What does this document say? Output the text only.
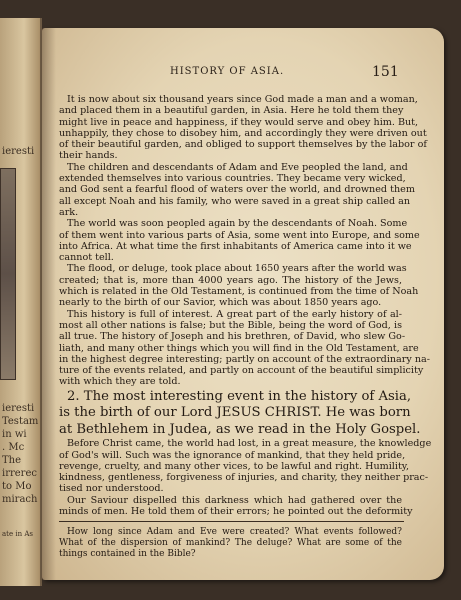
ieresti
ieresti
Testam
in wi
. Mc
The
irrerec
to Mo
mirach
ate in As
HISTORY OF ASIA.	151

It is now about six thousand years since God made a man and a woman,
and placed them in a beautiful garden, in Asia. Here he told them they
might live in peace and happiness, if they would serve and obey him. But,
unhappily, they chose to disobey him, and accordingly they were driven out
of their beautiful garden, and obliged to support themselves by the labor of
their hands.

The children and descendants of Adam and Eve peopled the land, and
extended themselves into various countries. They became very wicked,
and God sent a fearful flood of waters over the world, and drowned them
all except Noah and his family, who were saved in a great ship called an
ark.

The world was soon peopled again by the descendants of Noah. Some
of them went into various parts of Asia, some went into Europe, and some
into Africa. At what time the first inhabitants of America came into it we
cannot tell.

The flood, or deluge, took place about 1650 years after the world was
created; that is, more than 4000 years ago. The history of the Jews,
which is related in the Old Testament, is continued from the time of Noah
nearly to the birth of our Savior, which was about 1850 years ago.

This history is full of interest. A great part of the early history of al-
most all other nations is false; but the Bible, being the word of God, is
all true. The history of Joseph and his brethren, of David, who slew Go-
liath, and many other things which you will find in the Old Testament, are
in the highest degree interesting; partly on account of the extraordinary na-
ture of the events related, and partly on account of the beautiful simplicity
with which they are told.

2. The most interesting event in the history of Asia,
is the birth of our Lord JESUS CHRIST. He was born
at Bethlehem in Judea, as we read in the Holy Gospel.

Before Christ came, the world had lost, in a great measure, the knowledge
of God's will. Such was the ignorance of mankind, that they held pride,
revenge, cruelty, and many other vices, to be lawful and right. Humility,
kindness, gentleness, forgiveness of injuries, and charity, they neither prac-
tised nor understood.

Our Saviour dispelled this darkness which had gathered over the
minds of men. He told them of their errors; he pointed out the deformity

How long since Adam and Eve were created? What events followed?
What of the dispersion of mankind? The deluge? What are some of the
things contained in the Bible?
